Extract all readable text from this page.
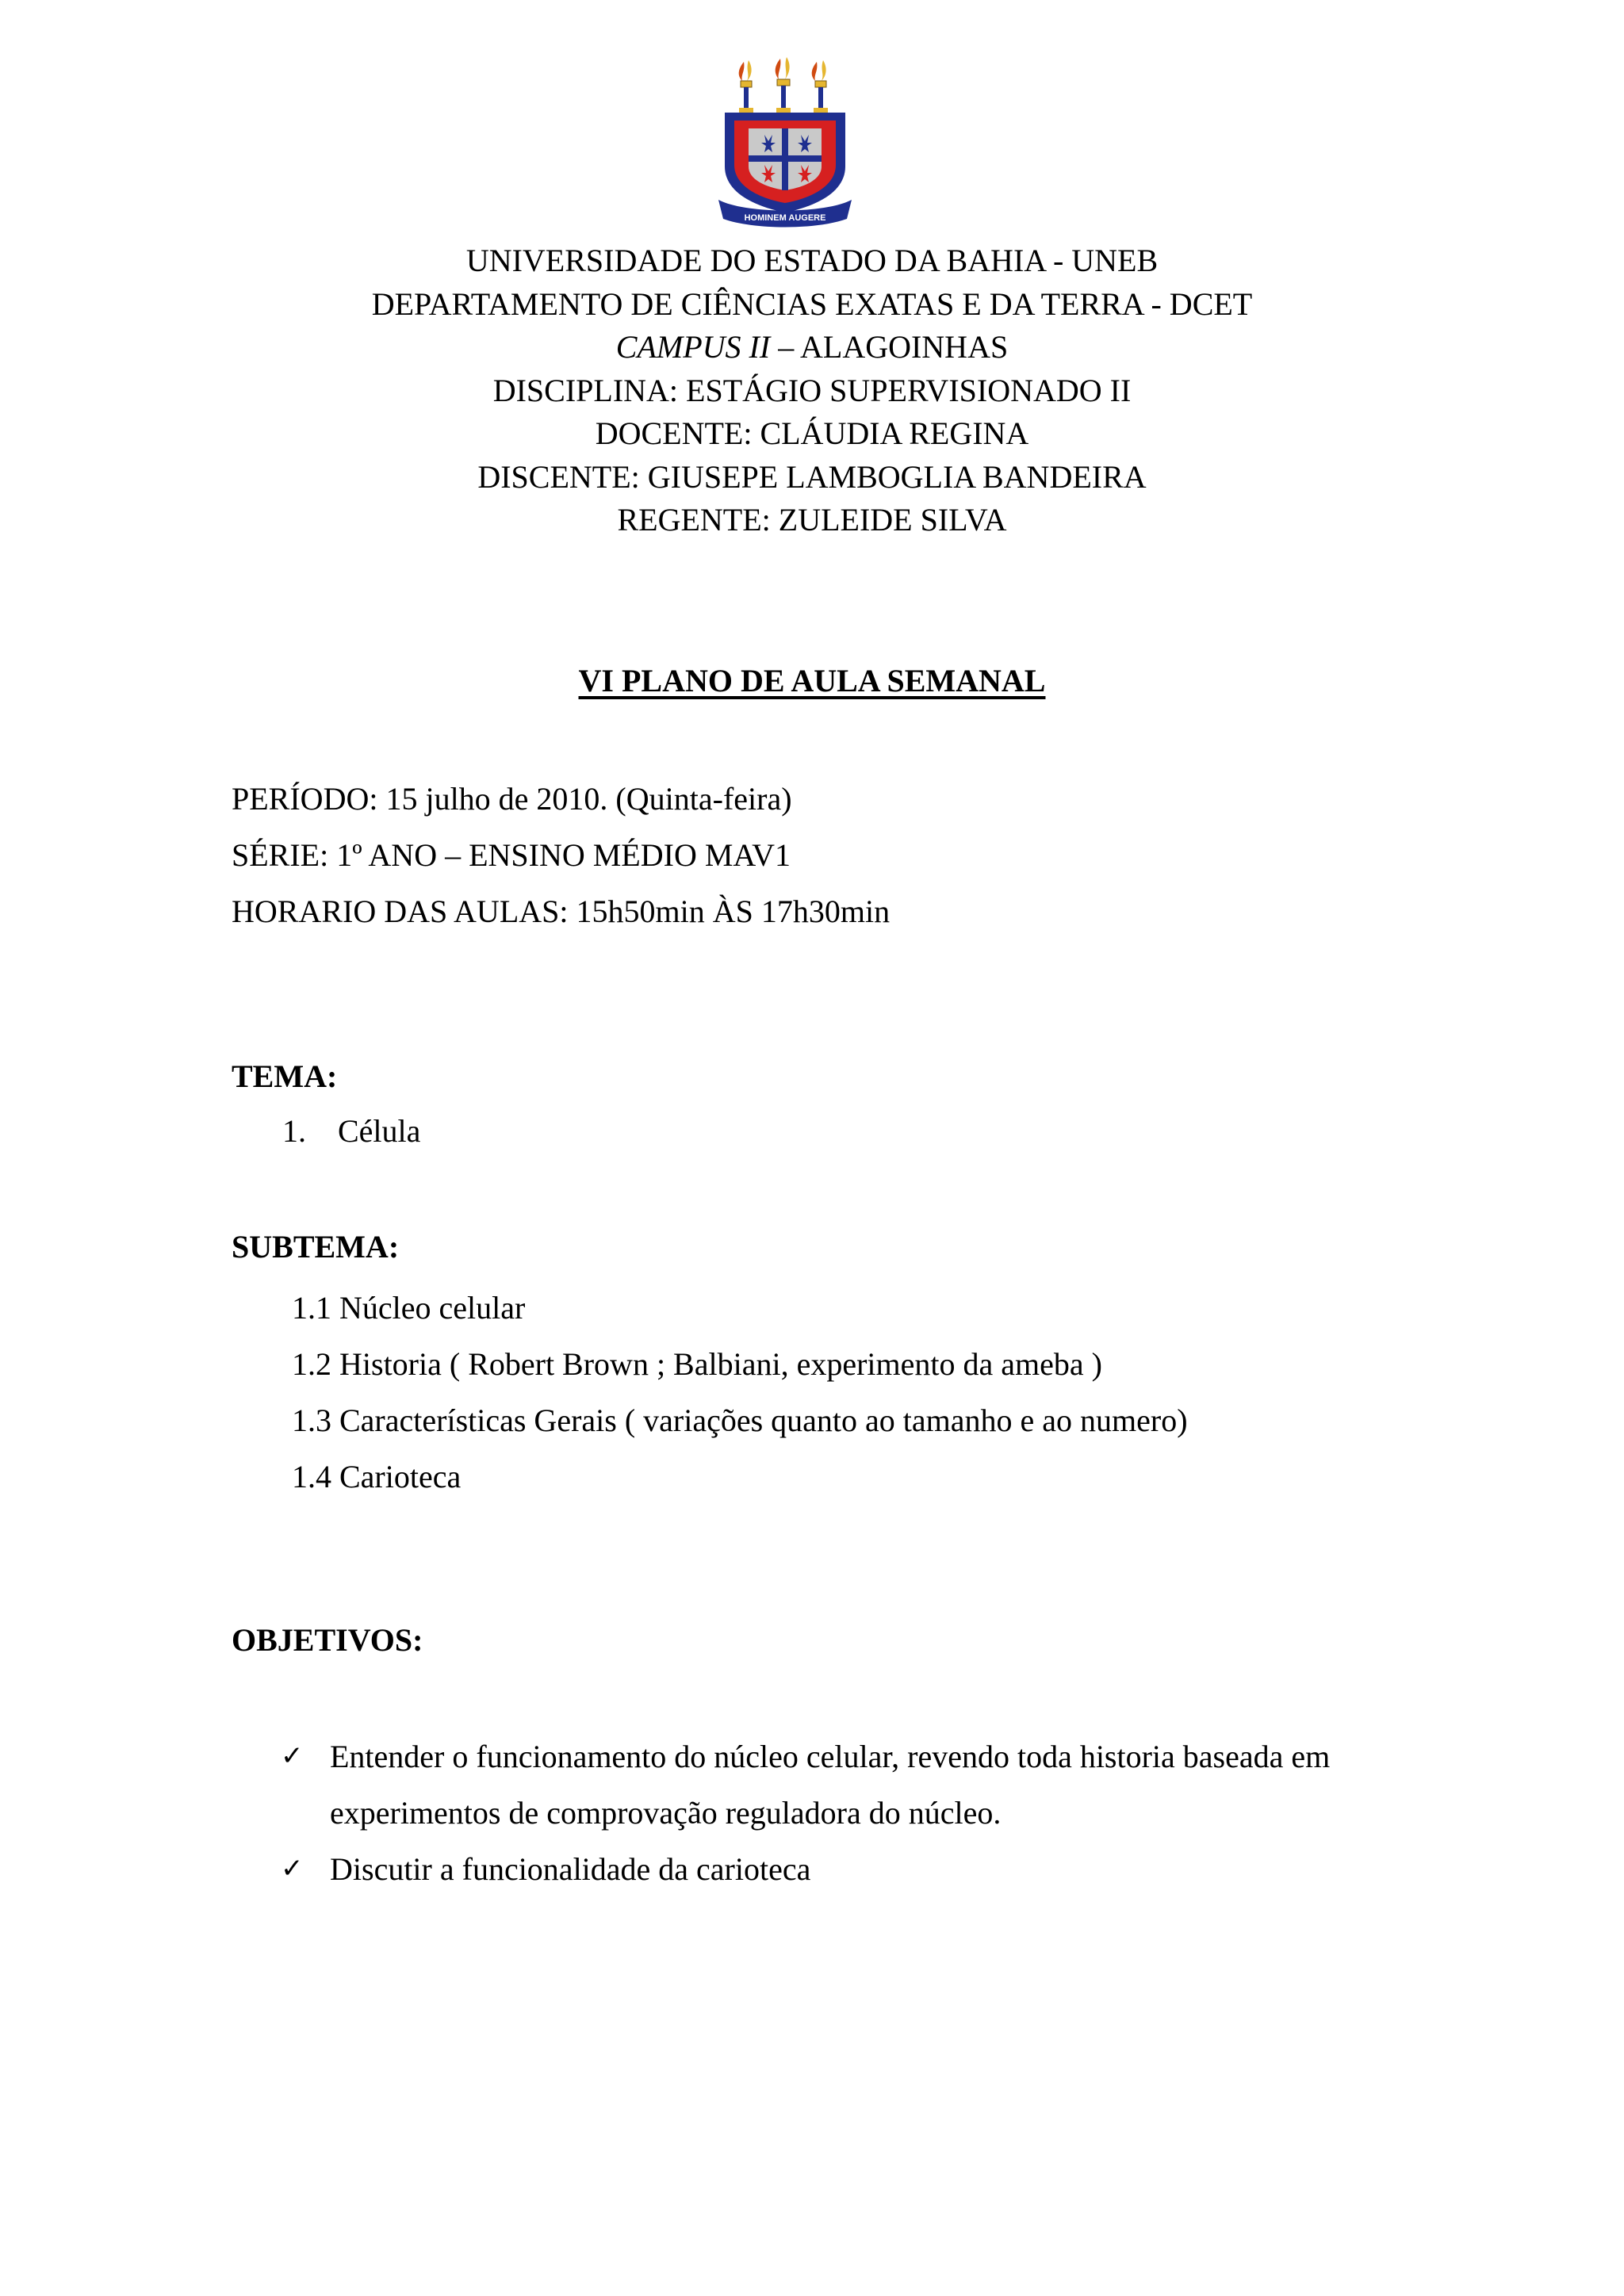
HOMINEM AUGERE
UNIVERSIDADE DO ESTADO DA BAHIA - UNEB
DEPARTAMENTO DE CIÊNCIAS EXATAS E DA TERRA - DCET
CAMPUS II – ALAGOINHAS
DISCIPLINA: ESTÁGIO SUPERVISIONADO II
DOCENTE: CLÁUDIA REGINA
DISCENTE: GIUSEPE LAMBOGLIA BANDEIRA
REGENTE: ZULEIDE SILVA
VI PLANO DE AULA SEMANAL
PERÍODO: 15 julho de 2010. (Quinta-feira)
SÉRIE: 1º ANO – ENSINO MÉDIO MAV1
HORARIO DAS AULAS: 15h50min ÀS 17h30min
TEMA:
1. Célula
SUBTEMA:
1.1 Núcleo celular
1.2 Historia ( Robert Brown ; Balbiani, experimento da ameba )
1.3 Características Gerais ( variações quanto ao tamanho e ao numero)
1.4 Carioteca
OBJETIVOS:
✓ Entender o funcionamento do núcleo celular, revendo toda historia baseada em experimentos de comprovação reguladora do núcleo.
✓ Discutir a funcionalidade da carioteca
